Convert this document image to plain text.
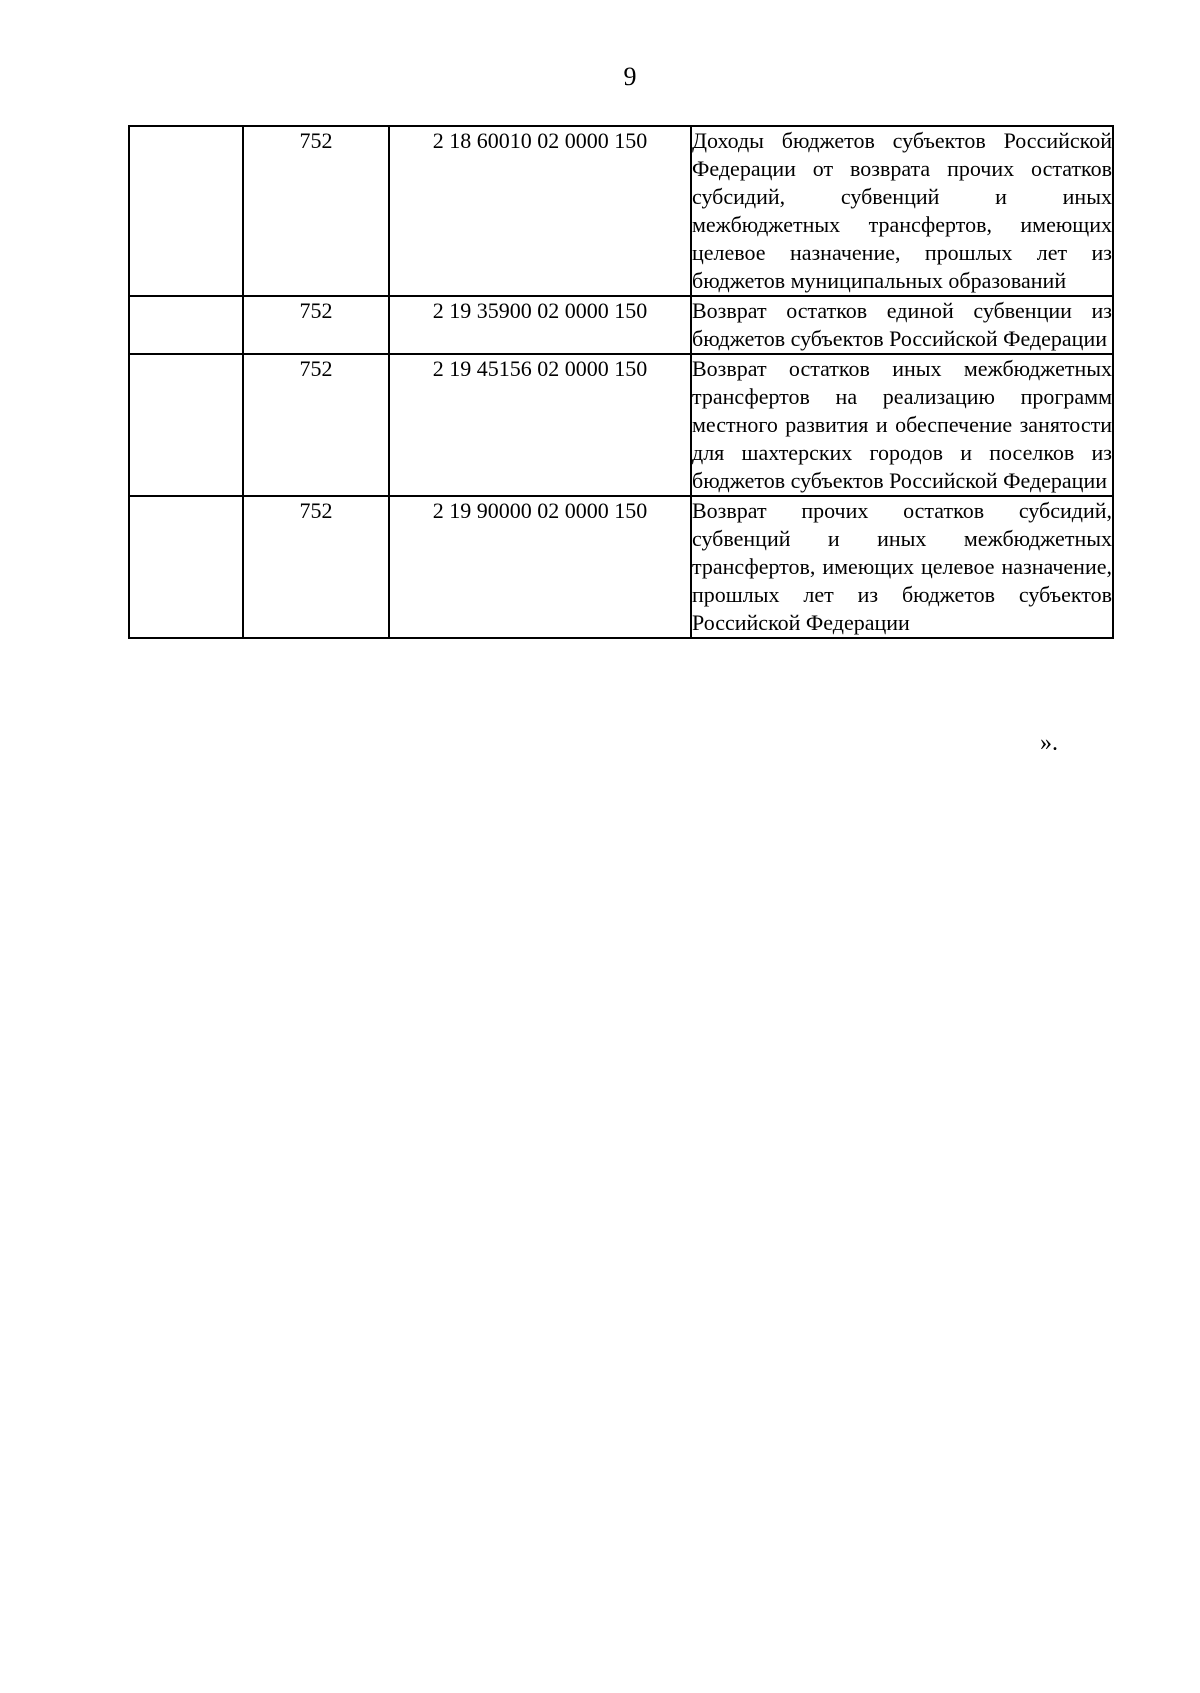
9
	752	2 18 60010 02 0000 150	Доходы бюджетов субъектов Российской Федерации от возврата прочих остатков субсидий, субвенций и иных межбюджетных трансфертов, имеющих целевое назначение, прошлых лет из бюджетов муниципальных образований
	752	2 19 35900 02 0000 150	Возврат остатков единой субвенции из бюджетов субъектов Российской Федерации
	752	2 19 45156 02 0000 150	Возврат остатков иных межбюджетных трансфертов на реализацию программ местного развития и обеспечение занятости для шахтерских городов и поселков из бюджетов субъектов Российской Федерации
	752	2 19 90000 02 0000 150	Возврат прочих остатков субсидий, субвенций и иных межбюджетных трансфертов, имеющих целевое назначение, прошлых лет из бюджетов субъектов Российской Федерации
».
